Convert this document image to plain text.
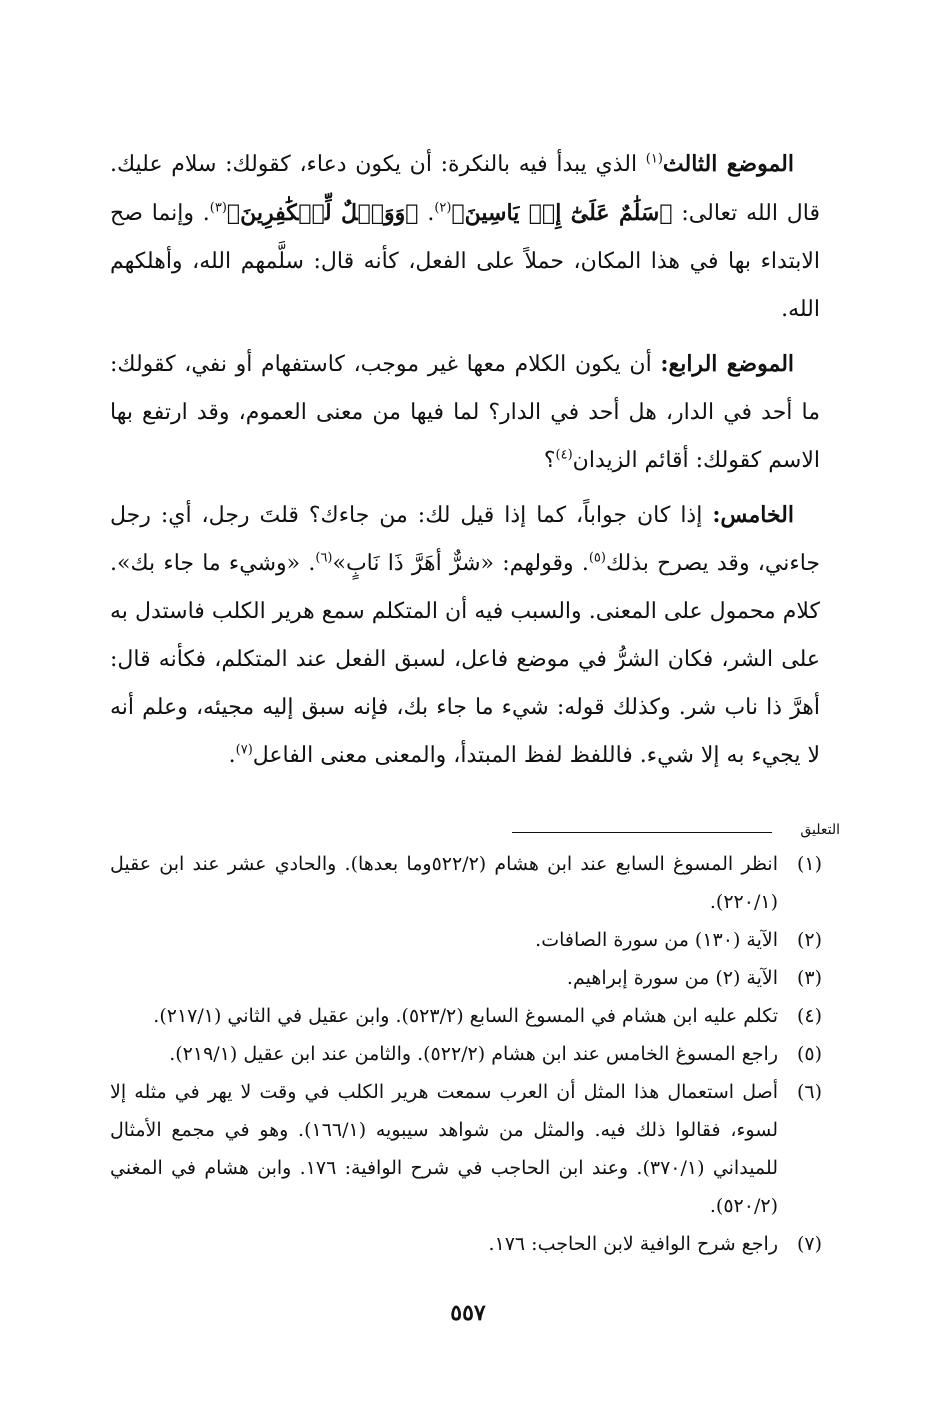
الموضع الثالث$^{(١)}$ الذي يبدأ فيه بالنكرة: أن يكون دعاء، كقولك: سلام عليك. قال الله تعالى: ﴿سَلَٰمٌ عَلَىٰٓ إِلۡ يَاسِينَ﴾$^{(٢)}$. ﴿وَوَيۡلٌ لِّلۡكَٰفِرِينَ﴾$^{(٣)}$. وإنما صح الابتداء بها في هذا المكان، حملاً على الفعل، كأنه قال: سلَّمهم الله، وأهلكهم الله.

الموضع الرابع: أن يكون الكلام معها غير موجب، كاستفهام أو نفي، كقولك: ما أحد في الدار، هل أحد في الدار؟ لما فيها من معنى العموم، وقد ارتفع بها الاسم كقولك: أقائم الزيدان$^{(٤)}$؟

الخامس: إذا كان جواباً، كما إذا قيل لك: من جاءك؟ قلتَ رجل، أي: رجل جاءني، وقد يصرح بذلك$^{(٥)}$. وقولهم: «شرٌّ أهَرَّ ذَا نَابٍ»$^{(٦)}$. «وشيء ما جاء بك». كلام محمول على المعنى. والسبب فيه أن المتكلم سمع هرير الكلب فاستدل به على الشر، فكان الشرُّ في موضع فاعل، لسبق الفعل عند المتكلم، فكأنه قال: أهرَّ ذا ناب شر. وكذلك قوله: شيء ما جاء بك، فإنه سبق إليه مجيئه، وعلم أنه لا يجيء به إلا شيء. فاللفظ لفظ المبتدأ، والمعنى معنى الفاعل$^{(٧)}$.

التعليق
(١)
انظر المسوغ السابع عند ابن هشام (٥٢٢/٢وما بعدها). والحادي عشر عند ابن عقيل (٢٢٠/١).
(٢)
الآية (١٣٠) من سورة الصافات.
(٣)
الآية (٢) من سورة إبراهيم.
(٤)
تكلم عليه ابن هشام في المسوغ السابع (٥٢٣/٢). وابن عقيل في الثاني (٢١٧/١).
(٥)
راجع المسوغ الخامس عند ابن هشام (٥٢٢/٢). والثامن عند ابن عقيل (٢١٩/١).
(٦)
أصل استعمال هذا المثل أن العرب سمعت هرير الكلب في وقت لا يهر في مثله إلا لسوء، فقالوا ذلك فيه. والمثل من شواهد سيبويه (١٦٦/١). وهو في مجمع الأمثال للميداني (٣٧٠/١). وعند ابن الحاجب في شرح الوافية: ١٧٦. وابن هشام في المغني (٥٢٠/٢).
(٧)
راجع شرح الوافية لابن الحاجب: ١٧٦.
٥٥٧
